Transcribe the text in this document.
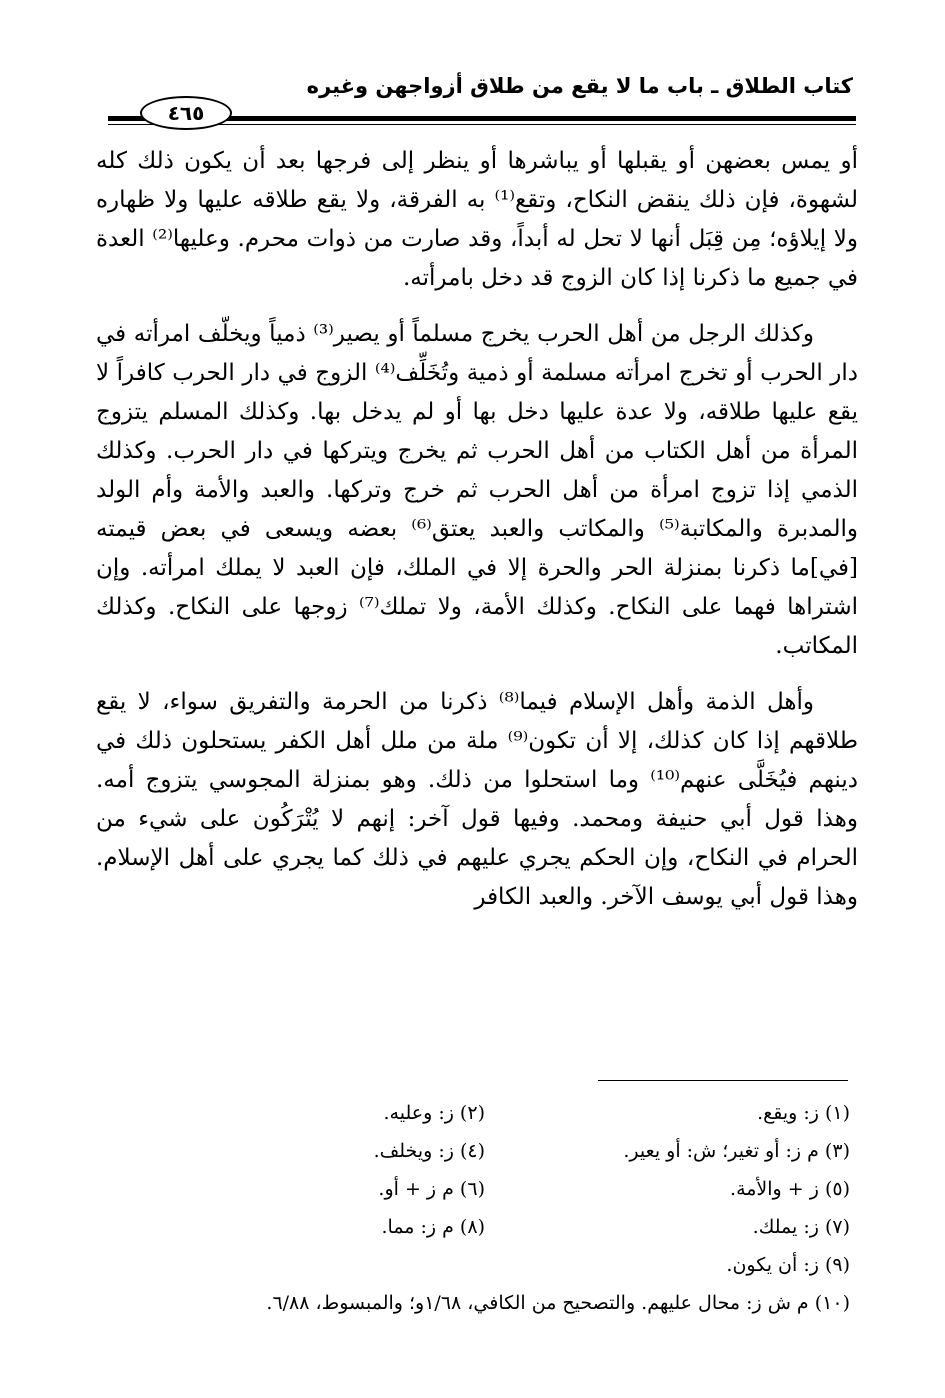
كتاب الطلاق ـ باب ما لا يقع من طلاق أزواجهن وغيره
٤٦٥

أو يمس بعضهن أو يقبلها أو يباشرها أو ينظر إلى فرجها بعد أن يكون ذلك كله لشهوة، فإن ذلك ينقض النكاح، وتقع⁽¹⁾ به الفرقة، ولا يقع طلاقه عليها ولا ظهاره ولا إيلاؤه؛ مِن قِبَل أنها لا تحل له أبداً، وقد صارت من ذوات محرم. وعليها⁽²⁾ العدة في جميع ما ذكرنا إذا كان الزوج قد دخل بامرأته.

وكذلك الرجل من أهل الحرب يخرج مسلماً أو يصير⁽³⁾ ذمياً ويخلّف امرأته في دار الحرب أو تخرج امرأته مسلمة أو ذمية وتُخَلِّف⁽⁴⁾ الزوج في دار الحرب كافراً لا يقع عليها طلاقه، ولا عدة عليها دخل بها أو لم يدخل بها. وكذلك المسلم يتزوج المرأة من أهل الكتاب من أهل الحرب ثم يخرج ويتركها في دار الحرب. وكذلك الذمي إذا تزوج امرأة من أهل الحرب ثم خرج وتركها. والعبد والأمة وأم الولد والمدبرة والمكاتبة⁽⁵⁾ والمكاتب والعبد يعتق⁽⁶⁾ بعضه ويسعى في بعض قيمته [في]ما ذكرنا بمنزلة الحر والحرة إلا في الملك، فإن العبد لا يملك امرأته. وإن اشتراها فهما على النكاح. وكذلك الأمة، ولا تملك⁽⁷⁾ زوجها على النكاح. وكذلك المكاتب.

وأهل الذمة وأهل الإسلام فيما⁽⁸⁾ ذكرنا من الحرمة والتفريق سواء، لا يقع طلاقهم إذا كان كذلك، إلا أن تكون⁽⁹⁾ ملة من ملل أهل الكفر يستحلون ذلك في دينهم فيُخَلَّى عنهم⁽¹⁰⁾ وما استحلوا من ذلك. وهو بمنزلة المجوسي يتزوج أمه. وهذا قول أبي حنيفة ومحمد. وفيها قول آخر: إنهم لا يُتْرَكُون على شيء من الحرام في النكاح، وإن الحكم يجري عليهم في ذلك كما يجري على أهل الإسلام. وهذا قول أبي يوسف الآخر. والعبد الكافر

(١) ز: ويقع.
(٢) ز: وعليه.
(٣) م ز: أو تغير؛ ش: أو يعير.
(٤) ز: ويخلف.
(٥) ز + والأمة.
(٦) م ز + أو.
(٧) ز: يملك.
(٨) م ز: مما.
(٩) ز: أن يكون.
(١٠) م ش ز: محال عليهم. والتصحيح من الكافي، ١/٦٨و؛ والمبسوط، ٦/٨٨.
